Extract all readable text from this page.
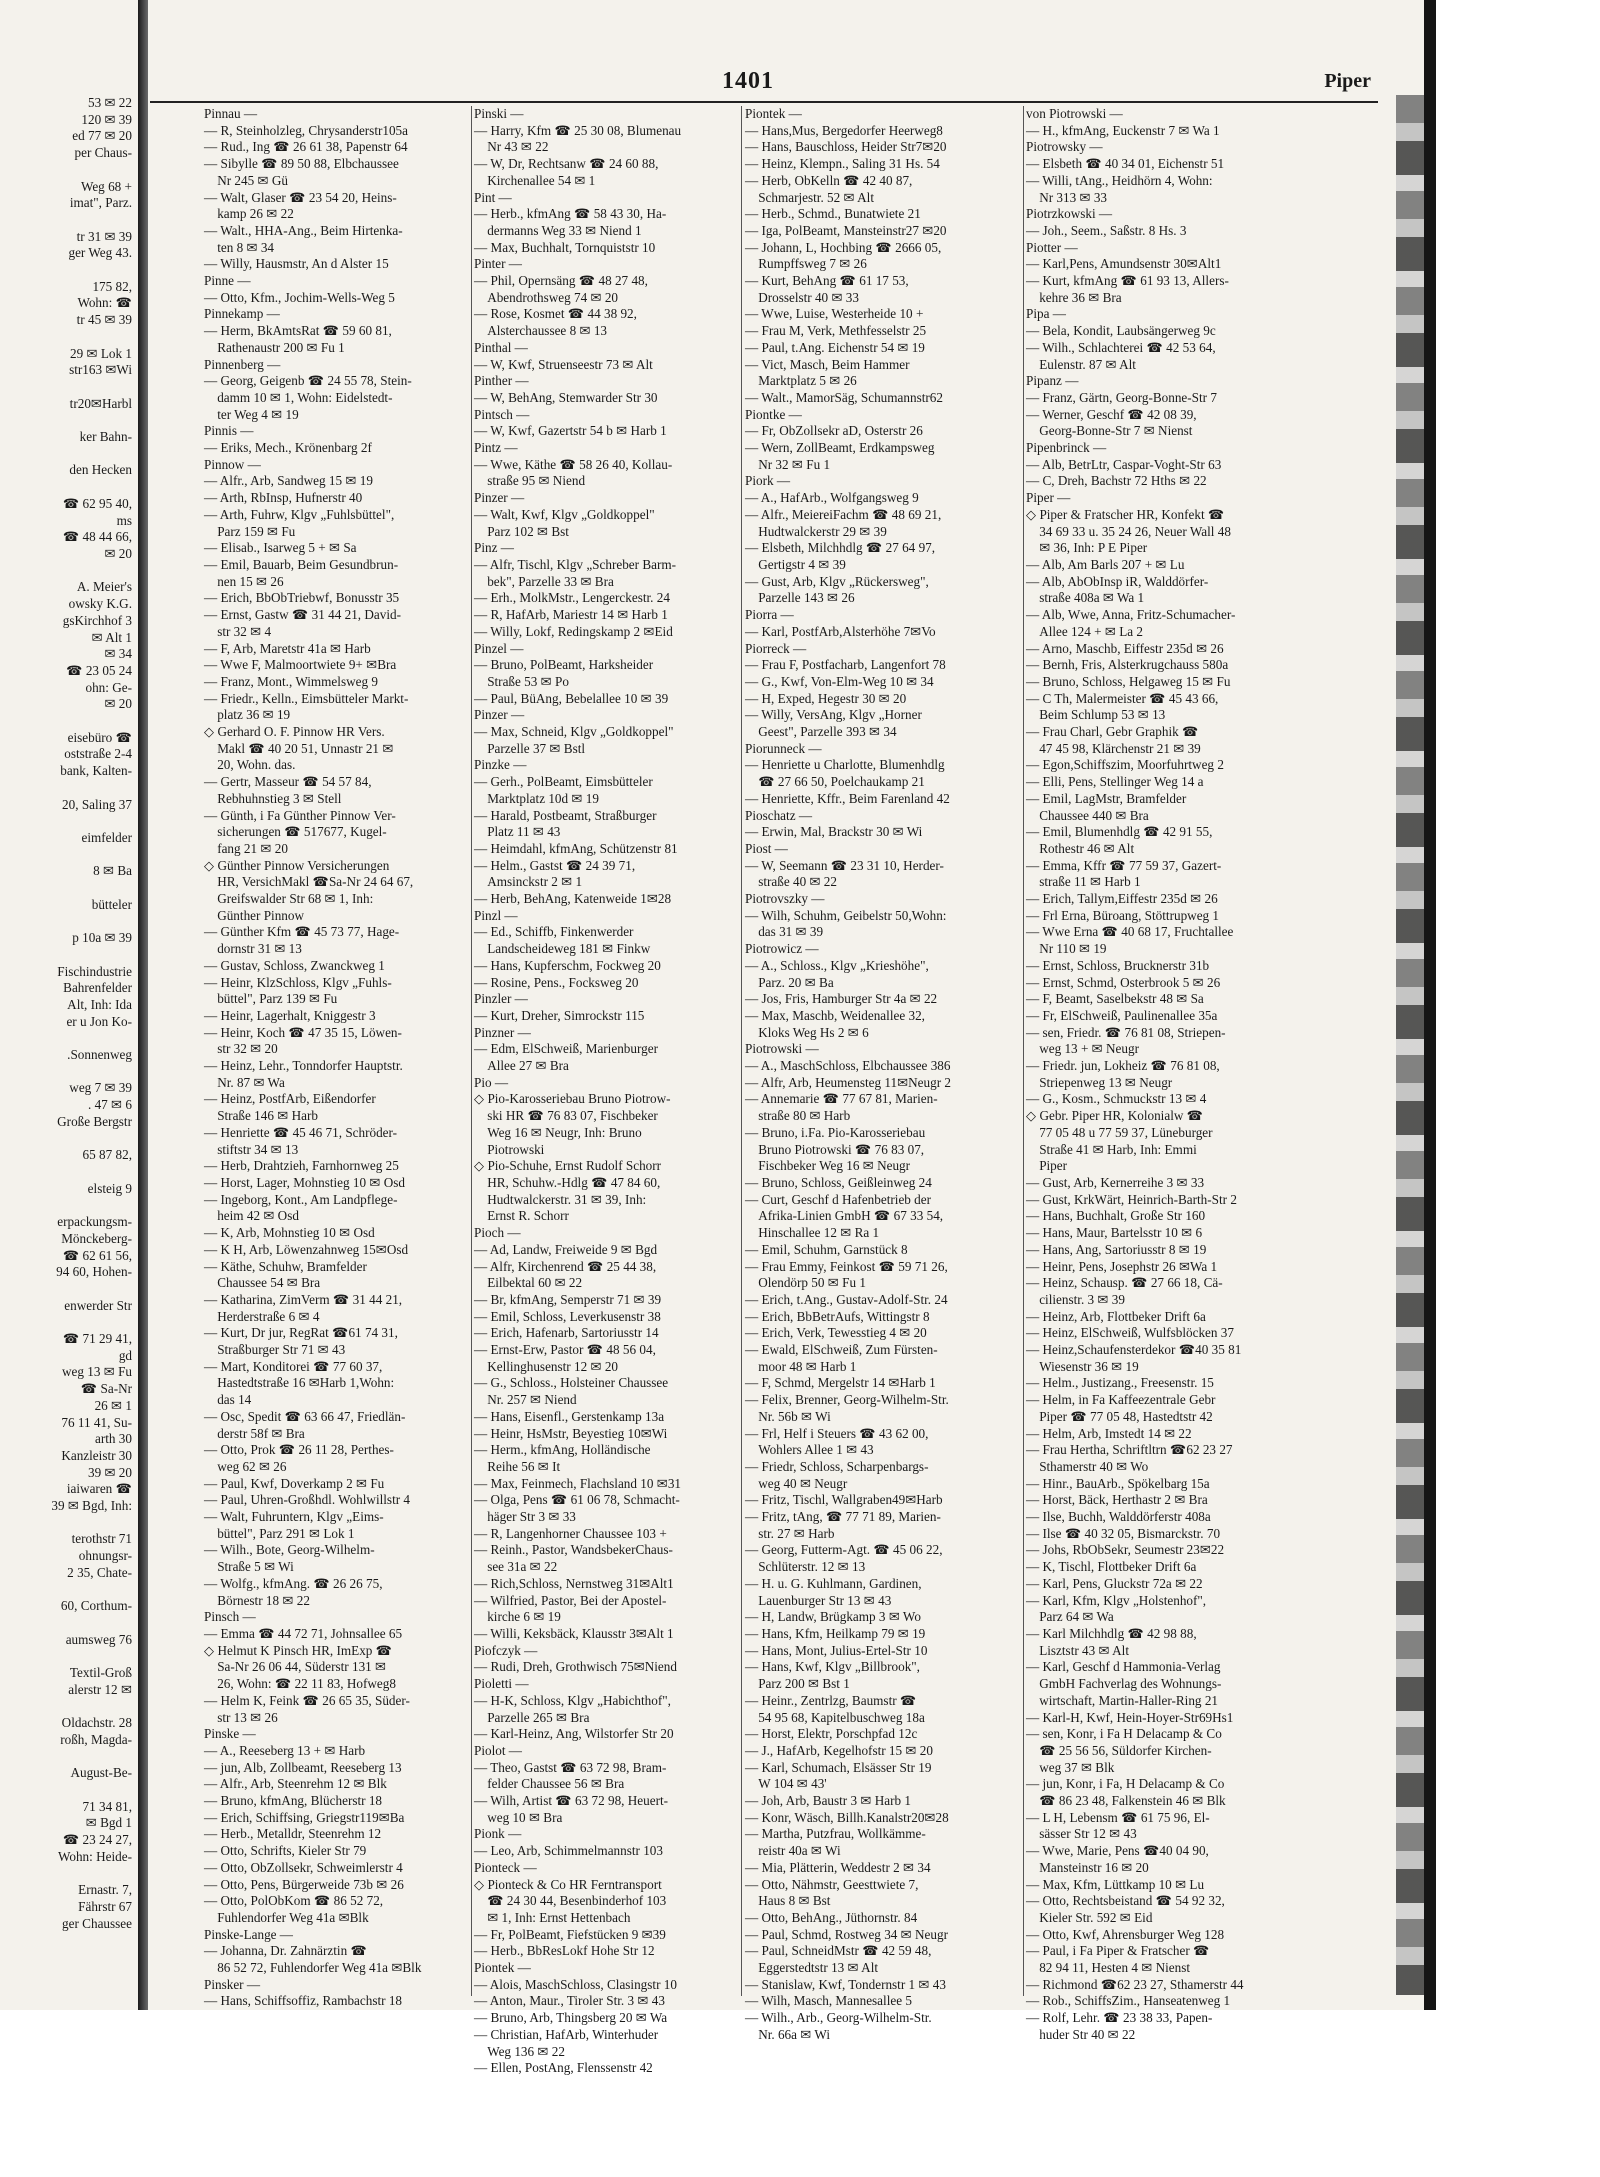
53 ✉ 22
120 ✉ 39
ed 77 ✉ 20
per Chaus-

Weg 68 +
imat", Parz.

tr 31 ✉ 39
ger Weg 43.

175 82,
Wohn: ☎
tr 45 ✉ 39

29 ✉ Lok 1
str163 ✉Wi

tr20✉Harbl

ker Bahn-

den Hecken

☎ 62 95 40,
ms
☎ 48 44 66,
✉ 20

A. Meier's
owsky K.G.
gsKirchhof 3
✉ Alt 1
✉ 34
☎ 23 05 24
ohn: Ge-
✉ 20

eisebüro ☎
oststraße 2-4
bank, Kalten-

20, Saling 37

eimfelder

8 ✉ Ba

bütteler

p 10a ✉ 39

Fischindustrie
Bahrenfelder
Alt, Inh: Ida
er u Jon Ko-

.Sonnenweg

weg 7 ✉ 39
. 47 ✉ 6
Große Bergstr

65 87 82,

elsteig 9

erpackungsm-
Mönckeberg-
☎ 62 61 56,
94 60, Hohen-

enwerder Str

☎ 71 29 41,
gd
weg 13 ✉ Fu
☎ Sa-Nr
26 ✉ 1
76 11 41, Su-
arth 30
Kanzleistr 30
39 ✉ 20
iaiwaren ☎
39 ✉ Bgd, Inh:

terothstr 71
ohnungsr-
2 35, Chate-

60, Corthum-

aumsweg 76

Textil-Groß
alerstr 12 ✉

Oldachstr. 28
roßh, Magda-

August-Be-

71 34 81,
✉ Bgd 1
☎ 23 24 27,
Wohn: Heide-

Ernastr. 7,
Fährstr 67
ger Chaussee
1401	Piper
Pinnau —
— R, Steinholzleg, Chrysanderstr105a
— Rud., Ing ☎ 26 61 38, Papenstr 64
— Sibylle ☎ 89 50 88, Elbchaussee
 Nr 245 ✉ Gü
— Walt, Glaser ☎ 23 54 20, Heins-
 kamp 26 ✉ 22
— Walt., HHA-Ang., Beim Hirtenka-
 ten 8 ✉ 34
— Willy, Hausmstr, An d Alster 15
Pinne —
— Otto, Kfm., Jochim-Wells-Weg 5
Pinnekamp —
— Herm, BkAmtsRat ☎ 59 60 81,
 Rathenaustr 200 ✉ Fu 1
Pinnenberg —
— Georg, Geigenb ☎ 24 55 78, Stein-
 damm 10 ✉ 1, Wohn: Eidelstedt-
 ter Weg 4 ✉ 19
Pinnis —
— Eriks, Mech., Krönenbarg 2f
Pinnow —
— Alfr., Arb, Sandweg 15 ✉ 19
— Arth, RbInsp, Hufnerstr 40
— Arth, Fuhrw, Klgv „Fuhlsbüttel",
 Parz 159 ✉ Fu
— Elisab., Isarweg 5 + ✉ Sa
— Emil, Bauarb, Beim Gesundbrun-
 nen 15 ✉ 26
— Erich, BbObTriebwf, Bonusstr 35
— Ernst, Gastw ☎ 31 44 21, David-
 str 32 ✉ 4
— F, Arb, Maretstr 41a ✉ Harb
— Wwe F, Malmoortwiete 9+ ✉Bra
— Franz, Mont., Wimmelsweg 9
— Friedr., Kelln., Eimsbütteler Markt-
 platz 36 ✉ 19
◇ Gerhard O. F. Pinnow HR Vers.
 Makl ☎ 40 20 51, Unnastr 21 ✉
 20, Wohn. das.
— Gertr, Masseur ☎ 54 57 84,
 Rebhuhnstieg 3 ✉ Stell
— Günth, i Fa Günther Pinnow Ver-
 sicherungen ☎ 517677, Kugel-
 fang 21 ✉ 20
◇ Günther Pinnow Versicherungen
 HR, VersichMakl ☎Sa-Nr 24 64 67,
 Greifswalder Str 68 ✉ 1, Inh:
 Günther Pinnow
— Günther Kfm ☎ 45 73 77, Hage-
 dornstr 31 ✉ 13
— Gustav, Schloss, Zwanckweg 1
— Heinr, KlzSchloss, Klgv „Fuhls-
 büttel", Parz 139 ✉ Fu
— Heinr, Lagerhalt, Kniggestr 3
— Heinr, Koch ☎ 47 35 15, Löwen-
 str 32 ✉ 20
— Heinz, Lehr., Tonndorfer Hauptstr.
 Nr. 87 ✉ Wa
— Heinz, PostfArb, Eißendorfer
 Straße 146 ✉ Harb
— Henriette ☎ 45 46 71, Schröder-
 stiftstr 34 ✉ 13
— Herb, Drahtzieh, Farnhornweg 25
— Horst, Lager, Mohnstieg 10 ✉ Osd
— Ingeborg, Kont., Am Landpflege-
 heim 42 ✉ Osd
— K, Arb, Mohnstieg 10 ✉ Osd
— K H, Arb, Löwenzahnweg 15✉Osd
— Käthe, Schuhw, Bramfelder
 Chaussee 54 ✉ Bra
— Katharina, ZimVerm ☎ 31 44 21,
 Herderstraße 6 ✉ 4
— Kurt, Dr jur, RegRat ☎61 74 31,
 Straßburger Str 71 ✉ 43
— Mart, Konditorei ☎ 77 60 37,
 Hastedtstraße 16 ✉Harb 1,Wohn:
 das 14
— Osc, Spedit ☎ 63 66 47, Friedlän-
 derstr 58f ✉ Bra
— Otto, Prok ☎ 26 11 28, Perthes-
 weg 62 ✉ 26
— Paul, Kwf, Doverkamp 2 ✉ Fu
— Paul, Uhren-Großhdl. Wohlwillstr 4
— Walt, Fuhruntern, Klgv „Eims-
 büttel", Parz 291 ✉ Lok 1
— Wilh., Bote, Georg-Wilhelm-
 Straße 5 ✉ Wi
— Wolfg., kfmAng. ☎ 26 26 75,
 Börnestr 18 ✉ 22
Pinsch —
— Emma ☎ 44 72 71, Johnsallee 65
◇ Helmut K Pinsch HR, ImExp ☎
 Sa-Nr 26 06 44, Süderstr 131 ✉
 26, Wohn: ☎ 22 11 83, Hofweg8
— Helm K, Feink ☎ 26 65 35, Süder-
 str 13 ✉ 26
Pinske —
— A., Reeseberg 13 + ✉ Harb
— jun, Alb, Zollbeamt, Reeseberg 13
— Alfr., Arb, Steenrehm 12 ✉ Blk
— Bruno, kfmAng, Blücherstr 18
— Erich, Schiffsing, Griegstr119✉Ba
— Herb., Metalldr, Steenrehm 12
— Otto, Schrifts, Kieler Str 79
— Otto, ObZollsekr, Schweimlerstr 4
— Otto, Pens, Bürgerweide 73b ✉ 26
— Otto, PolObKom ☎ 86 52 72,
 Fuhlendorfer Weg 41a ✉Blk
Pinske-Lange —
— Johanna, Dr. Zahnärztin ☎
 86 52 72, Fuhlendorfer Weg 41a ✉Blk
Pinsker —
— Hans, Schiffsoffiz, Rambachstr 18
Pinski —
— Harry, Kfm ☎ 25 30 08, Blumenau
 Nr 43 ✉ 22
— W, Dr, Rechtsanw ☎ 24 60 88,
 Kirchenallee 54 ✉ 1
Pint —
— Herb., kfmAng ☎ 58 43 30, Ha-
 dermanns Weg 33 ✉ Niend 1
— Max, Buchhalt, Tornquiststr 10
Pinter —
— Phil, Opernsäng ☎ 48 27 48,
 Abendrothsweg 74 ✉ 20
— Rose, Kosmet ☎ 44 38 92,
 Alsterchaussee 8 ✉ 13
Pinthal —
— W, Kwf, Struenseestr 73 ✉ Alt
Pinther —
— W, BehAng, Stemwarder Str 30
Pintsch —
— W, Kwf, Gazertstr 54 b ✉ Harb 1
Pintz —
— Wwe, Käthe ☎ 58 26 40, Kollau-
 straße 95 ✉ Niend
Pinzer —
— Walt, Kwf, Klgv „Goldkoppel"
 Parz 102 ✉ Bst
Pinz —
— Alfr, Tischl, Klgv „Schreber Barm-
 bek", Parzelle 33 ✉ Bra
— Erh., MolkMstr., Lengerckestr. 24
— R, HafArb, Mariestr 14 ✉ Harb 1
— Willy, Lokf, Redingskamp 2 ✉Eid
Pinzel —
— Bruno, PolBeamt, Harksheider
 Straße 53 ✉ Po
— Paul, BüAng, Bebelallee 10 ✉ 39
Pinzer —
— Max, Schneid, Klgv „Goldkoppel"
 Parzelle 37 ✉ Bstl
Pinzke —
— Gerh., PolBeamt, Eimsbütteler
 Marktplatz 10d ✉ 19
— Harald, Postbeamt, Straßburger
 Platz 11 ✉ 43
— Heimdahl, kfmAng, Schützenstr 81
— Helm., Gastst ☎ 24 39 71,
 Amsinckstr 2 ✉ 1
— Herb, BehAng, Katenweide 1✉28
Pinzl —
— Ed., Schiffb, Finkenwerder
 Landscheideweg 181 ✉ Finkw
— Hans, Kupferschm, Fockweg 20
— Rosine, Pens., Focksweg 20
Pinzler —
— Kurt, Dreher, Simrockstr 115
Pinzner —
— Edm, ElSchweiß, Marienburger
 Allee 27 ✉ Bra
Pio —
◇ Pio-Karosseriebau Bruno Piotrow-
 ski HR ☎ 76 83 07, Fischbeker
 Weg 16 ✉ Neugr, Inh: Bruno
 Piotrowski
◇ Pio-Schuhe, Ernst Rudolf Schorr
 HR, Schuhw.-Hdlg ☎ 47 84 60,
 Hudtwalckerstr. 31 ✉ 39, Inh:
 Ernst R. Schorr
Pioch —
— Ad, Landw, Freiweide 9 ✉ Bgd
— Alfr, Kirchenrend ☎ 25 44 38,
 Eilbektal 60 ✉ 22
— Br, kfmAng, Semperstr 71 ✉ 39
— Emil, Schloss, Leverkusenstr 38
— Erich, Hafenarb, Sartoriusstr 14
— Ernst-Erw, Pastor ☎ 48 56 04,
 Kellinghusenstr 12 ✉ 20
— G., Schloss., Holsteiner Chaussee
 Nr. 257 ✉ Niend
— Hans, Eisenfl., Gerstenkamp 13a
— Heinr, HsMstr, Beyestieg 10✉Wi
— Herm., kfmAng, Holländische
 Reihe 56 ✉ It
— Max, Feinmech, Flachsland 10 ✉31
— Olga, Pens ☎ 61 06 78, Schmacht-
 häger Str 3 ✉ 33
— R, Langenhorner Chaussee 103 +
— Reinh., Pastor, WandsbekerChaus-
 see 31a ✉ 22
— Rich,Schloss, Nernstweg 31✉Alt1
— Wilfried, Pastor, Bei der Apostel-
 kirche 6 ✉ 19
— Willi, Keksbäck, Klausstr 3✉Alt 1
Piofczyk —
— Rudi, Dreh, Grothwisch 75✉Niend
Pioletti —
— H-K, Schloss, Klgv „Habichthof",
 Parzelle 265 ✉ Bra
— Karl-Heinz, Ang, Wilstorfer Str 20
Piolot —
— Theo, Gastst ☎ 63 72 98, Bram-
 felder Chaussee 56 ✉ Bra
— Wilh, Artist ☎ 63 72 98, Heuert-
 weg 10 ✉ Bra
Pionk —
— Leo, Arb, Schimmelmannstr 103
Pionteck —
◇ Pionteck & Co HR Ferntransport
 ☎ 24 30 44, Besenbinderhof 103
 ✉ 1, Inh: Ernst Hettenbach
— Fr, PolBeamt, Fiefstücken 9 ✉39
— Herb., BbResLokf Hohe Str 12
Piontek —
— Alois, MaschSchloss, Clasingstr 10
— Anton, Maur., Tiroler Str. 3 ✉ 43
— Bruno, Arb, Thingsberg 20 ✉ Wa
— Christian, HafArb, Winterhuder
 Weg 136 ✉ 22
— Ellen, PostAng, Flenssenstr 42
Piontek —
— Hans,Mus, Bergedorfer Heerweg8
— Hans, Bauschloss, Heider Str7✉20
— Heinz, Klempn., Saling 31 Hs. 54
— Herb, ObKelln ☎ 42 40 87,
 Schmarjestr. 52 ✉ Alt
— Herb., Schmd., Bunatwiete 21
— Iga, PolBeamt, Mansteinstr27 ✉20
— Johann, L, Hochbing ☎ 2666 05,
 Rumpffsweg 7 ✉ 26
— Kurt, BehAng ☎ 61 17 53,
 Drosselstr 40 ✉ 33
— Wwe, Luise, Westerheide 10 +
— Frau M, Verk, Methfesselstr 25
— Paul, t.Ang. Eichenstr 54 ✉ 19
— Vict, Masch, Beim Hammer
 Marktplatz 5 ✉ 26
— Walt., MamorSäg, Schumannstr62
Piontke —
— Fr, ObZollsekr aD, Osterstr 26
— Wern, ZollBeamt, Erdkampsweg
 Nr 32 ✉ Fu 1
Piork —
— A., HafArb., Wolfgangsweg 9
— Alfr., MeiereiFachm ☎ 48 69 21,
 Hudtwalckerstr 29 ✉ 39
— Elsbeth, Milchhdlg ☎ 27 64 97,
 Gertigstr 4 ✉ 39
— Gust, Arb, Klgv „Rückersweg",
 Parzelle 143 ✉ 26
Piorra —
— Karl, PostfArb,Alsterhöhe 7✉Vo
Piorreck —
— Frau F, Postfacharb, Langenfort 78
— G., Kwf, Von-Elm-Weg 10 ✉ 34
— H, Exped, Hegestr 30 ✉ 20
— Willy, VersAng, Klgv „Horner
 Geest", Parzelle 393 ✉ 34
Piorunneck —
— Henriette u Charlotte, Blumenhdlg
 ☎ 27 66 50, Poelchaukamp 21
— Henriette, Kffr., Beim Farenland 42
Pioschatz —
— Erwin, Mal, Brackstr 30 ✉ Wi
Piost —
— W, Seemann ☎ 23 31 10, Herder-
 straße 40 ✉ 22
Piotrovszky —
— Wilh, Schuhm, Geibelstr 50,Wohn:
 das 31 ✉ 39
Piotrowicz —
— A., Schloss., Klgv „Krieshöhe",
 Parz. 20 ✉ Ba
— Jos, Fris, Hamburger Str 4a ✉ 22
— Max, Maschb, Weidenallee 32,
 Kloks Weg Hs 2 ✉ 6
Piotrowski —
— A., MaschSchloss, Elbchaussee 386
— Alfr, Arb, Heumensteg 11✉Neugr 2
— Annemarie ☎ 77 67 81, Marien-
 straße 80 ✉ Harb
— Bruno, i.Fa. Pio-Karosseriebau
 Bruno Piotrowski ☎ 76 83 07,
 Fischbeker Weg 16 ✉ Neugr
— Bruno, Schloss, Geißleinweg 24
— Curt, Geschf d Hafenbetrieb der
 Afrika-Linien GmbH ☎ 67 33 54,
 Hinschallee 12 ✉ Ra 1
— Emil, Schuhm, Garnstück 8
— Frau Emmy, Feinkost ☎ 59 71 26,
 Olendörp 50 ✉ Fu 1
— Erich, t.Ang., Gustav-Adolf-Str. 24
— Erich, BbBetrAufs, Wittingstr 8
— Erich, Verk, Tewesstieg 4 ✉ 20
— Ewald, ElSchweiß, Zum Fürsten-
 moor 48 ✉ Harb 1
— F, Schmd, Mergelstr 14 ✉Harb 1
— Felix, Brenner, Georg-Wilhelm-Str.
 Nr. 56b ✉ Wi
— Frl, Helf i Steuers ☎ 43 62 00,
 Wohlers Allee 1 ✉ 43
— Friedr, Schloss, Scharpenbargs-
 weg 40 ✉ Neugr
— Fritz, Tischl, Wallgraben49✉Harb
— Fritz, tAng, ☎ 77 71 89, Marien-
 str. 27 ✉ Harb
— Georg, Futterm-Agt. ☎ 45 06 22,
 Schlüterstr. 12 ✉ 13
— H. u. G. Kuhlmann, Gardinen,
 Lauenburger Str 13 ✉ 43
— H, Landw, Brügkamp 3 ✉ Wo
— Hans, Kfm, Heilkamp 79 ✉ 19
— Hans, Mont, Julius-Ertel-Str 10
— Hans, Kwf, Klgv „Billbrook",
 Parz 200 ✉ Bst 1
— Heinr., Zentrlzg, Baumstr ☎
 54 95 68, Kapitelbuschweg 18a
— Horst, Elektr, Porschpfad 12c
— J., HafArb, Kegelhofstr 15 ✉ 20
— Karl, Schumach, Elsässer Str 19
 W 104 ✉ 43'
— Joh, Arb, Baustr 3 ✉ Harb 1
— Konr, Wäsch, Billh.Kanalstr20✉28
— Martha, Putzfrau, Wollkämme-
 reistr 40a ✉ Wi
— Mia, Plätterin, Weddestr 2 ✉ 34
— Otto, Nähmstr, Geesttwiete 7,
 Haus 8 ✉ Bst
— Otto, BehAng., Jüthornstr. 84
— Paul, Schmd, Rostweg 34 ✉ Neugr
— Paul, SchneidMstr ☎ 42 59 48,
 Eggerstedtstr 13 ✉ Alt
— Stanislaw, Kwf, Tondernstr 1 ✉ 43
— Wilh, Masch, Mannesallee 5
— Wilh., Arb., Georg-Wilhelm-Str.
 Nr. 66a ✉ Wi
von Piotrowski —
— H., kfmAng, Euckenstr 7 ✉ Wa 1
Piotrowsky —
— Elsbeth ☎ 40 34 01, Eichenstr 51
— Willi, tAng., Heidhörn 4, Wohn:
 Nr 313 ✉ 33
Piotrzkowski —
— Joh., Seem., Saßstr. 8 Hs. 3
Piotter —
— Karl,Pens, Amundsenstr 30✉Alt1
— Kurt, kfmAng ☎ 61 93 13, Allers-
 kehre 36 ✉ Bra
Pipa —
— Bela, Kondit, Laubsängerweg 9c
— Wilh., Schlachterei ☎ 42 53 64,
 Eulenstr. 87 ✉ Alt
Pipanz —
— Franz, Gärtn, Georg-Bonne-Str 7
— Werner, Geschf ☎ 42 08 39,
 Georg-Bonne-Str 7 ✉ Nienst
Pipenbrinck —
— Alb, BetrLtr, Caspar-Voght-Str 63
— C, Dreh, Bachstr 72 Hths ✉ 22
Piper —
◇ Piper & Fratscher HR, Konfekt ☎
 34 69 33 u. 35 24 26, Neuer Wall 48
 ✉ 36, Inh: P E Piper
— Alb, Am Barls 207 + ✉ Lu
— Alb, AbObInsp iR, Walddörfer-
 straße 408a ✉ Wa 1
— Alb, Wwe, Anna, Fritz-Schumacher-
 Allee 124 + ✉ La 2
— Arno, Maschb, Eiffestr 235d ✉ 26
— Bernh, Fris, Alsterkrugchauss 580a
— Bruno, Schloss, Helgaweg 15 ✉ Fu
— C Th, Malermeister ☎ 45 43 66,
 Beim Schlump 53 ✉ 13
— Frau Charl, Gebr Graphik ☎
 47 45 98, Klärchenstr 21 ✉ 39
— Egon,Schiffszim, Moorfuhrtweg 2
— Elli, Pens, Stellinger Weg 14 a
— Emil, LagMstr, Bramfelder
 Chaussee 440 ✉ Bra
— Emil, Blumenhdlg ☎ 42 91 55,
 Rothestr 46 ✉ Alt
— Emma, Kffr ☎ 77 59 37, Gazert-
 straße 11 ✉ Harb 1
— Erich, Tallym,Eiffestr 235d ✉ 26
— Frl Erna, Büroang, Stöttrupweg 1
— Wwe Erna ☎ 40 68 17, Fruchtallee
 Nr 110 ✉ 19
— Ernst, Schloss, Brucknerstr 31b
— Ernst, Schmd, Osterbrook 5 ✉ 26
— F, Beamt, Saselbekstr 48 ✉ Sa
— Fr, ElSchweiß, Paulinenallee 35a
— sen, Friedr. ☎ 76 81 08, Striepen-
 weg 13 + ✉ Neugr
— Friedr. jun, Lokheiz ☎ 76 81 08,
 Striepenweg 13 ✉ Neugr
— G., Kosm., Schmuckstr 13 ✉ 4
◇ Gebr. Piper HR, Kolonialw ☎
 77 05 48 u 77 59 37, Lüneburger
 Straße 41 ✉ Harb, Inh: Emmi
 Piper
— Gust, Arb, Kernerreihe 3 ✉ 33
— Gust, KrkWärt, Heinrich-Barth-Str 2
— Hans, Buchhalt, Große Str 160
— Hans, Maur, Bartelsstr 10 ✉ 6
— Hans, Ang, Sartoriusstr 8 ✉ 19
— Heinr, Pens, Josephstr 26 ✉Wa 1
— Heinz, Schausp. ☎ 27 66 18, Cä-
 cilienstr. 3 ✉ 39
— Heinz, Arb, Flottbeker Drift 6a
— Heinz, ElSchweiß, Wulfsblöcken 37
— Heinz,Schaufensterdekor ☎40 35 81
 Wiesenstr 36 ✉ 19
— Helm., Justizang., Freesenstr. 15
— Helm, in Fa Kaffeezentrale Gebr
 Piper ☎ 77 05 48, Hastedtstr 42
— Helm, Arb, Imstedt 14 ✉ 22
— Frau Hertha, Schriftltrn ☎62 23 27
 Sthamerstr 40 ✉ Wo
— Hinr., BauArb., Spökelbarg 15a
— Horst, Bäck, Herthastr 2 ✉ Bra
— Ilse, Buchh, Walddörferstr 408a
— Ilse ☎ 40 32 05, Bismarckstr. 70
— Johs, RbObSekr, Seumestr 23✉22
— K, Tischl, Flottbeker Drift 6a
— Karl, Pens, Gluckstr 72a ✉ 22
— Karl, Kfm, Klgv „Holstenhof",
 Parz 64 ✉ Wa
— Karl Milchhdlg ☎ 42 98 88,
 Lisztstr 43 ✉ Alt
— Karl, Geschf d Hammonia-Verlag
 GmbH Fachverlag des Wohnungs-
 wirtschaft, Martin-Haller-Ring 21
— Karl-H, Kwf, Hein-Hoyer-Str69Hs1
— sen, Konr, i Fa H Delacamp & Co
 ☎ 25 56 56, Süldorfer Kirchen-
 weg 37 ✉ Blk
— jun, Konr, i Fa, H Delacamp & Co
 ☎ 86 23 48, Falkenstein 46 ✉ Blk
— L H, Lebensm ☎ 61 75 96, El-
 sässer Str 12 ✉ 43
— Wwe, Marie, Pens ☎40 04 90,
 Mansteinstr 16 ✉ 20
— Max, Kfm, Lüttkamp 10 ✉ Lu
— Otto, Rechtsbeistand ☎ 54 92 32,
 Kieler Str. 592 ✉ Eid
— Otto, Kwf, Ahrensburger Weg 128
— Paul, i Fa Piper & Fratscher ☎
 82 94 11, Hesten 4 ✉ Nienst
— Richmond ☎62 23 27, Sthamerstr 44
— Rob., SchiffsZim., Hanseatenweg 1
— Rolf, Lehr. ☎ 23 38 33, Papen-
 huder Str 40 ✉ 22
